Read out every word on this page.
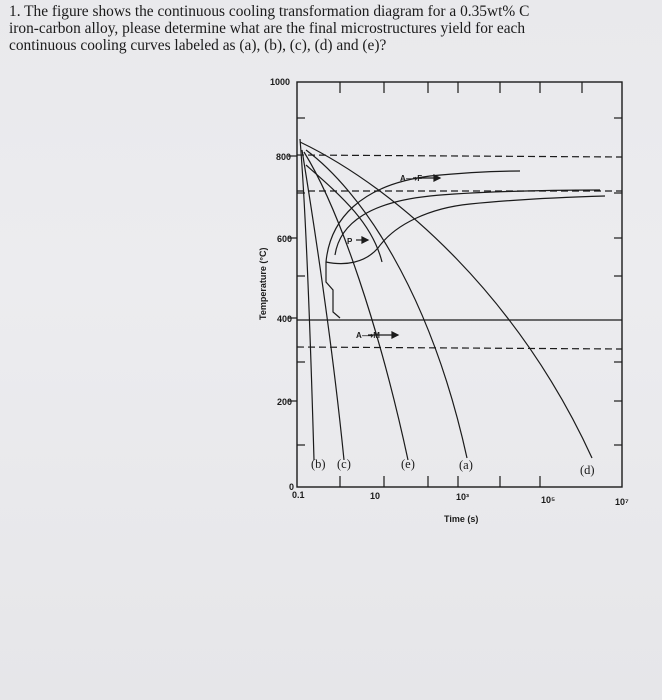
1. The figure shows the continuous cooling transformation diagram for a 0.35wt% C
iron-carbon alloy, please determine what are the final microstructures yield for each
continuous cooling curves labeled as (a), (b), (c), (d) and (e)?
1000
800
600
400
200
0
0.1	10	10³	10⁵	10⁷
Time (s)
Temperature (°C)
(b) (c)	(e)	(a)	(d)
A⟶F
P
A⟶M
